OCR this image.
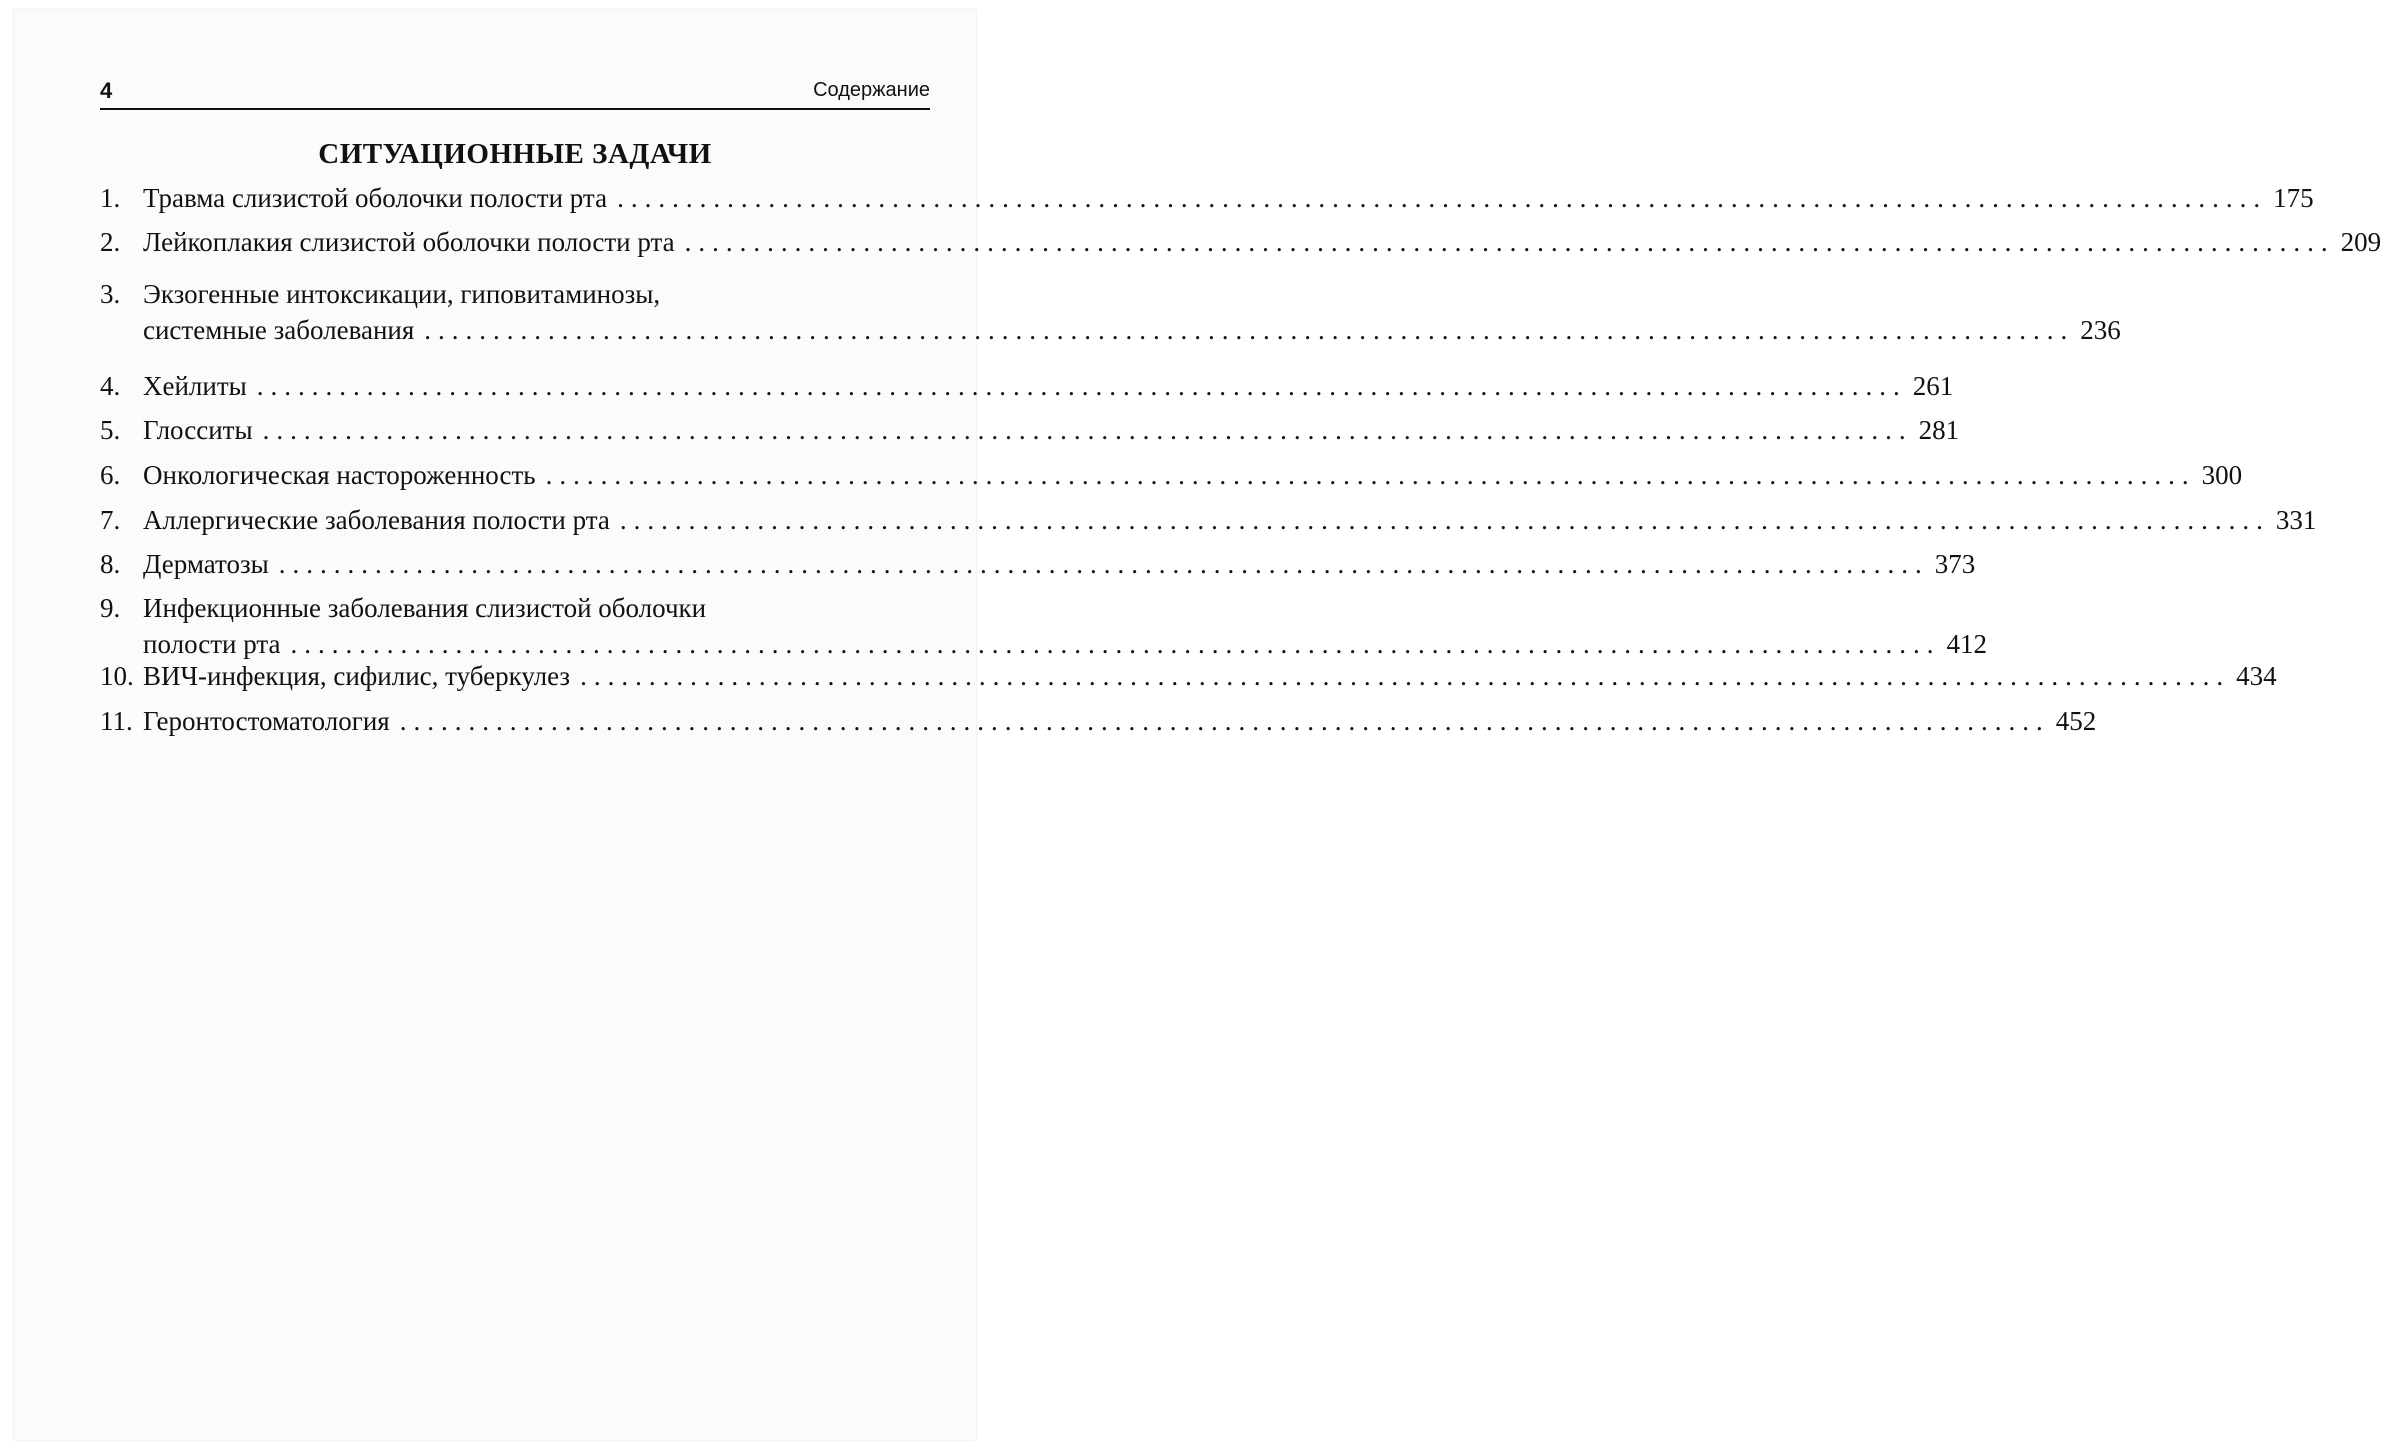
4	Содержание
СИТУАЦИОННЫЕ ЗАДАЧИ
1. Травма слизистой оболочки полости рта ........................................................................................................................ 175
2. Лейкоплакия слизистой оболочки полости рта ........................................................................................................................ 209
3. Экзогенные интоксикации, гиповитаминозы,
системные заболевания ........................................................................................................................ 236
4. Хейлиты ........................................................................................................................ 261
5. Глосситы ........................................................................................................................ 281
6. Онкологическая настороженность ........................................................................................................................ 300
7. Аллергические заболевания полости рта ........................................................................................................................ 331
8. Дерматозы ........................................................................................................................ 373
9. Инфекционные заболевания слизистой оболочки
полости рта ........................................................................................................................ 412
10. ВИЧ-инфекция, сифилис, туберкулез ........................................................................................................................ 434
11. Геронтостоматология ........................................................................................................................ 452
